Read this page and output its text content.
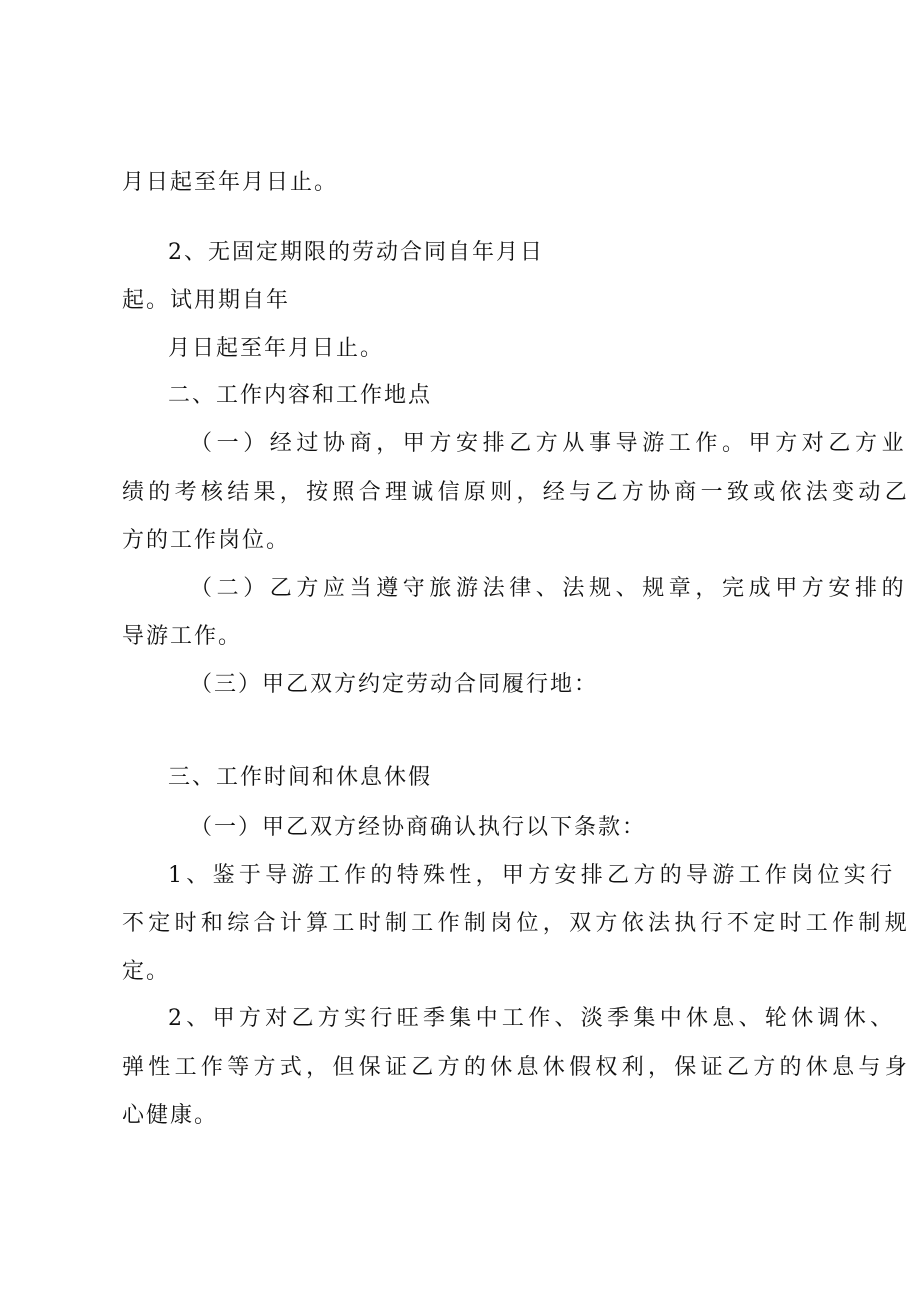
月日起至年月日止。

2、无固定期限的劳动合同自年月日

起。试用期自年

月日起至年月日止。

二、工作内容和工作地点

（一）经过协商，甲方安排乙方从事导游工作。甲方对乙方业

绩的考核结果，按照合理诚信原则，经与乙方协商一致或依法变动乙

方的工作岗位。

（二）乙方应当遵守旅游法律、法规、规章，完成甲方安排的

导游工作。

（三）甲乙双方约定劳动合同履行地：

三、工作时间和休息休假

（一）甲乙双方经协商确认执行以下条款：

1、鉴于导游工作的特殊性，甲方安排乙方的导游工作岗位实行

不定时和综合计算工时制工作制岗位，双方依法执行不定时工作制规

定。

2、甲方对乙方实行旺季集中工作、淡季集中休息、轮休调休、

弹性工作等方式，但保证乙方的休息休假权利，保证乙方的休息与身

心健康。
